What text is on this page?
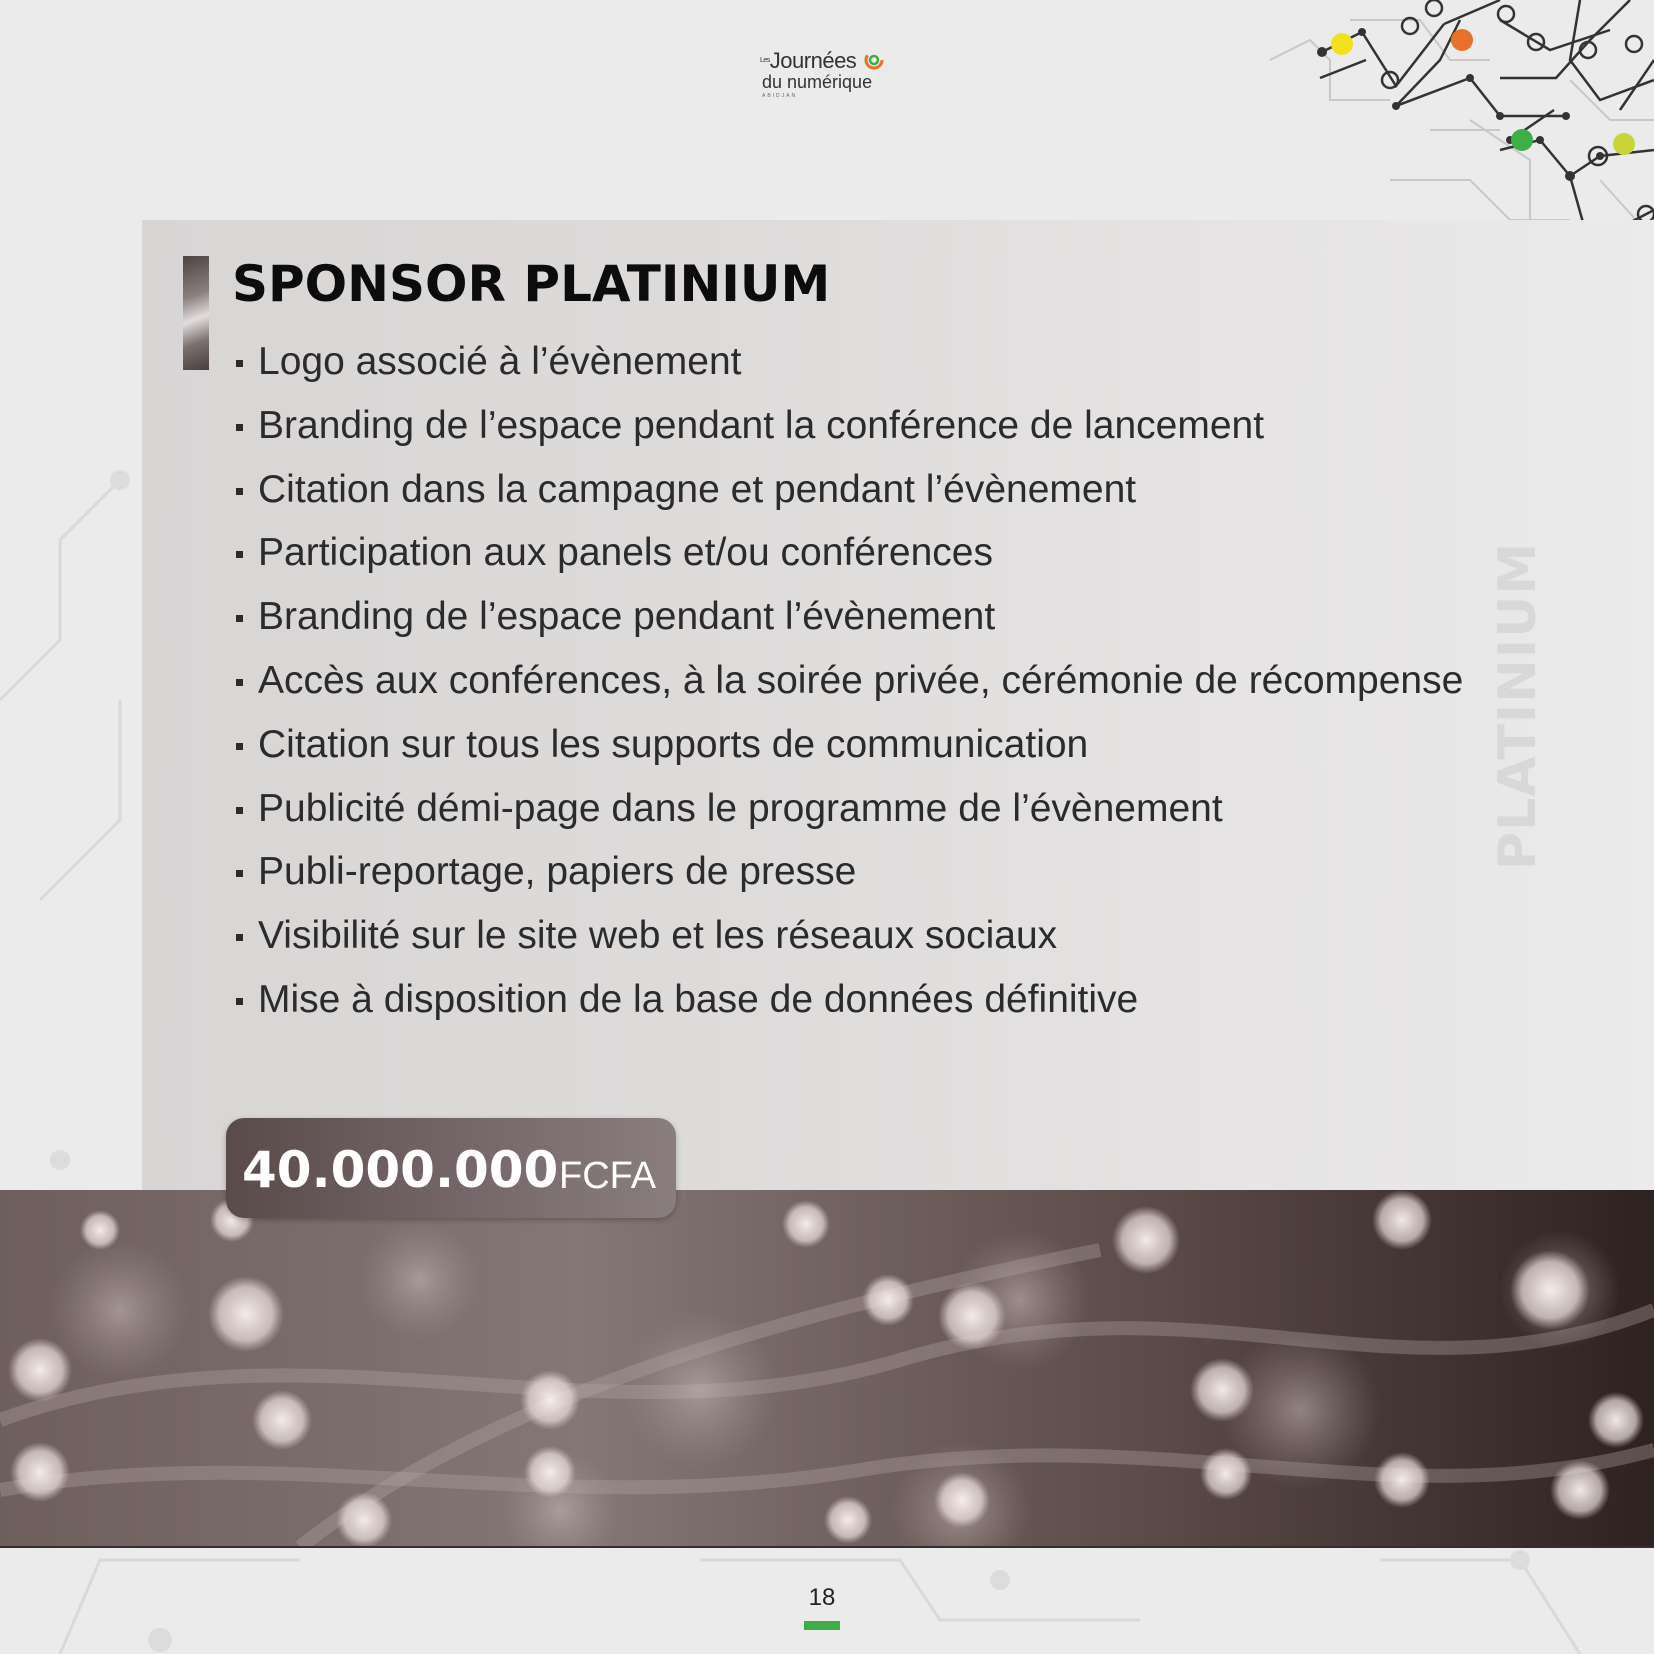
$^{Les}$Journées
du numérique
ABIDJAN
SPONSOR PLATINIUM
Logo associé à l’évènement
Branding de l’espace pendant la conférence de lancement
Citation dans la campagne et pendant l’évènement
Participation aux panels et/ou conférences
Branding de l’espace pendant l’évènement
Accès aux conférences, à la soirée privée, cérémonie de récompense
Citation sur tous les supports de communication
Publicité démi-page dans le programme de l’évènement
Publi-reportage, papiers de presse
Visibilité sur le site web et les réseaux sociaux
Mise à disposition de la base de données définitive
PLATINIUM
40.000.000 FCFA
18
